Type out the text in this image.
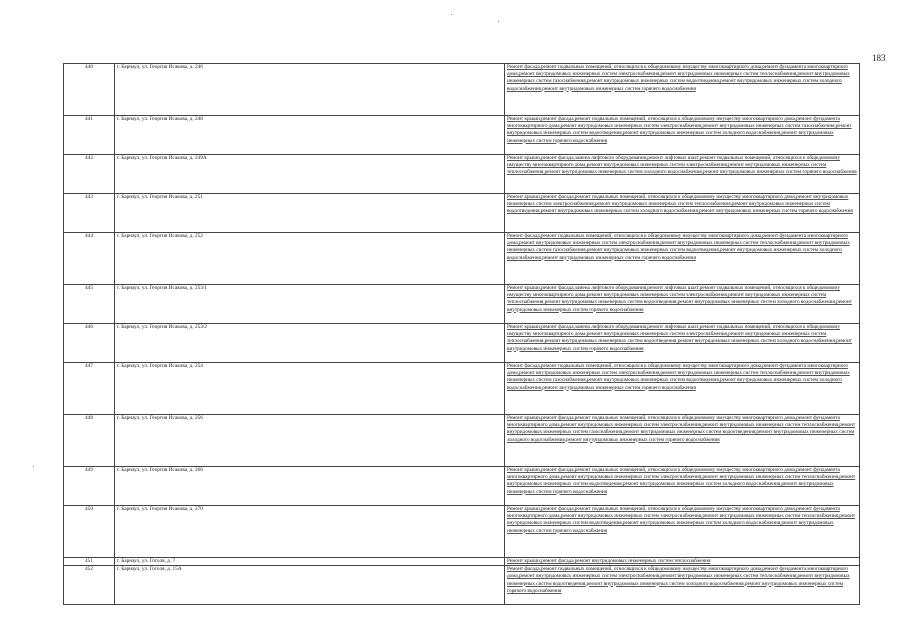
183
440	г. Барнаул, ул. Георгия Исакова, д. 246	Ремонт фасада,ремонт подвальных помещений, относящихся к общедомовому имуществу многоквартирного дома,ремонт фундамента многоквартирного дома,ремонт внутридомовых инженерных систем электроснабжения,ремонт внутридомовых инженерных систем теплоснабжения,ремонт внутридомовых инженерных систем газоснабжения,ремонт внутридомовых инженерных систем водоотведения,ремонт внутридомовых инженерных систем холодного водоснабжения,ремонт внутридомовых инженерных систем горячего водоснабжения
441	г. Барнаул, ул. Георгия Исакова, д. 248	Ремонт крыши,ремонт фасада,ремонт подвальных помещений, относящихся к общедомовому имуществу многоквартирного дома,ремонт фундамента многоквартирного дома,ремонт внутридомовых инженерных систем электроснабжения,ремонт внутридомовых инженерных систем газоснабжения,ремонт внутридомовых инженерных систем водоотведения,ремонт внутридомовых инженерных систем холодного водоснабжения,ремонт внутридомовых инженерных систем горячего водоснабжения
442	г. Барнаул, ул. Георгия Исакова, д. 249А	Ремонт крыши,ремонт фасада,замена лифтового оборудования,ремонт лифтовых шахт,ремонт подвальных помещений, относящихся к общедомовому имуществу многоквартирного дома,ремонт внутридомовых инженерных систем электроснабжения,ремонт внутридомовых инженерных систем теплоснабжения,ремонт внутридомовых инженерных систем холодного водоснабжения,ремонт внутридомовых инженерных систем горячего водоснабжения
443	г. Барнаул, ул. Георгия Исакова, д. 251	Ремонт крыши,ремонт фасада,ремонт подвальных помещений, относящихся к общедомовому имуществу многоквартирного дома,ремонт внутридомовых инженерных систем электроснабжения,ремонт внутридомовых инженерных систем теплоснабжения,ремонт внутридомовых инженерных систем водоотведения,ремонт внутридомовых инженерных систем холодного водоснабжения,ремонт внутридомовых инженерных систем горячего водоснабжения
444	г. Барнаул, ул. Георгия Исакова, д. 252	Ремонт фасада,ремонт подвальных помещений, относящихся к общедомовому имуществу многоквартирного дома,ремонт фундамента многоквартирного дома,ремонт внутридомовых инженерных систем электроснабжения,ремонт внутридомовых инженерных систем теплоснабжения,ремонт внутридомовых инженерных систем газоснабжения,ремонт внутридомовых инженерных систем водоотведения,ремонт внутридомовых инженерных систем холодного водоснабжения,ремонт внутридомовых инженерных систем горячего водоснабжения
445	г. Барнаул, ул. Георгия Исакова, д. 253/1	Ремонт крыши,ремонт фасада,замена лифтового оборудования,ремонт лифтовых шахт,ремонт подвальных помещений, относящихся к общедомовому имуществу многоквартирного дома,ремонт внутридомовых инженерных систем электроснабжения,ремонт внутридомовых инженерных систем теплоснабжения,ремонт внутридомовых инженерных систем водоотведения,ремонт внутридомовых инженерных систем холодного водоснабжения,ремонт внутридомовых инженерных систем горячего водоснабжения
446	г. Барнаул, ул. Георгия Исакова, д. 253/2	Ремонт крыши,ремонт фасада,замена лифтового оборудования,ремонт лифтовых шахт,ремонт подвальных помещений, относящихся к общедомовому имуществу многоквартирного дома,ремонт внутридомовых инженерных систем электроснабжения,ремонт внутридомовых инженерных систем теплоснабжения,ремонт внутридомовых инженерных систем водоотведения,ремонт внутридомовых инженерных систем холодного водоснабжения,ремонт внутридомовых инженерных систем горячего водоснабжения
447	г. Барнаул, ул. Георгия Исакова, д. 254	Ремонт фасада,ремонт подвальных помещений, относящихся к общедомовому имуществу многоквартирного дома,ремонт фундамента многоквартирного дома,ремонт внутридомовых инженерных систем электроснабжения,ремонт внутридомовых инженерных систем теплоснабжения,ремонт внутридомовых инженерных систем газоснабжения,ремонт внутридомовых инженерных систем водоотведения,ремонт внутридомовых инженерных систем холодного водоснабжения,ремонт внутридомовых инженерных систем горячего водоснабжения
448	г. Барнаул, ул. Георгия Исакова, д. 256	Ремонт крыши,ремонт фасада,ремонт подвальных помещений, относящихся к общедомовому имуществу многоквартирного дома,ремонт фундамента многоквартирного дома,ремонт внутридомовых инженерных систем электроснабжения,ремонт внутридомовых инженерных систем теплоснабжения,ремонт внутридомовых инженерных систем газоснабжения,ремонт внутридомовых инженерных систем водоотведения,ремонт внутридомовых инженерных систем холодного водоснабжения,ремонт внутридомовых инженерных систем горячего водоснабжения
449	г. Барнаул, ул. Георгия Исакова, д. 266	Ремонт крыши,ремонт фасада,ремонт подвальных помещений, относящихся к общедомовому имуществу многоквартирного дома,ремонт фундамента многоквартирного дома,ремонт внутридомовых инженерных систем электроснабжения,ремонт внутридомовых инженерных систем теплоснабжения,ремонт внутридомовых инженерных систем водоотведения,ремонт внутридомовых инженерных систем холодного водоснабжения,ремонт внутридомовых инженерных систем горячего водоснабжения
450	г. Барнаул, ул. Георгия Исакова, д. 270	Ремонт крыши,ремонт фасада,ремонт подвальных помещений, относящихся к общедомовому имуществу многоквартирного дома,ремонт фундамента многоквартирного дома,ремонт внутридомовых инженерных систем электроснабжения,ремонт внутридомовых инженерных систем теплоснабжения,ремонт внутридомовых инженерных систем водоотведения,ремонт внутридомовых инженерных систем холодного водоснабжения,ремонт внутридомовых инженерных систем горячего водоснабжения
451	г. Барнаул, ул. Гоголя, д. 7	Ремонт крыши,ремонт фасада,ремонт внутридомовых инженерных систем теплоснабжения
452	г. Барнаул, ул. Гоголя, д. 15А	Ремонт фасада,ремонт подвальных помещений, относящихся к общедомовому имуществу многоквартирного дома,ремонт фундамента многоквартирного дома,ремонт внутридомовых инженерных систем электроснабжения,ремонт внутридомовых инженерных систем теплоснабжения,ремонт внутридомовых инженерных систем водоотведения,ремонт внутридомовых инженерных систем холодного водоснабжения,ремонт внутридомовых инженерных систем горячего водоснабжения
